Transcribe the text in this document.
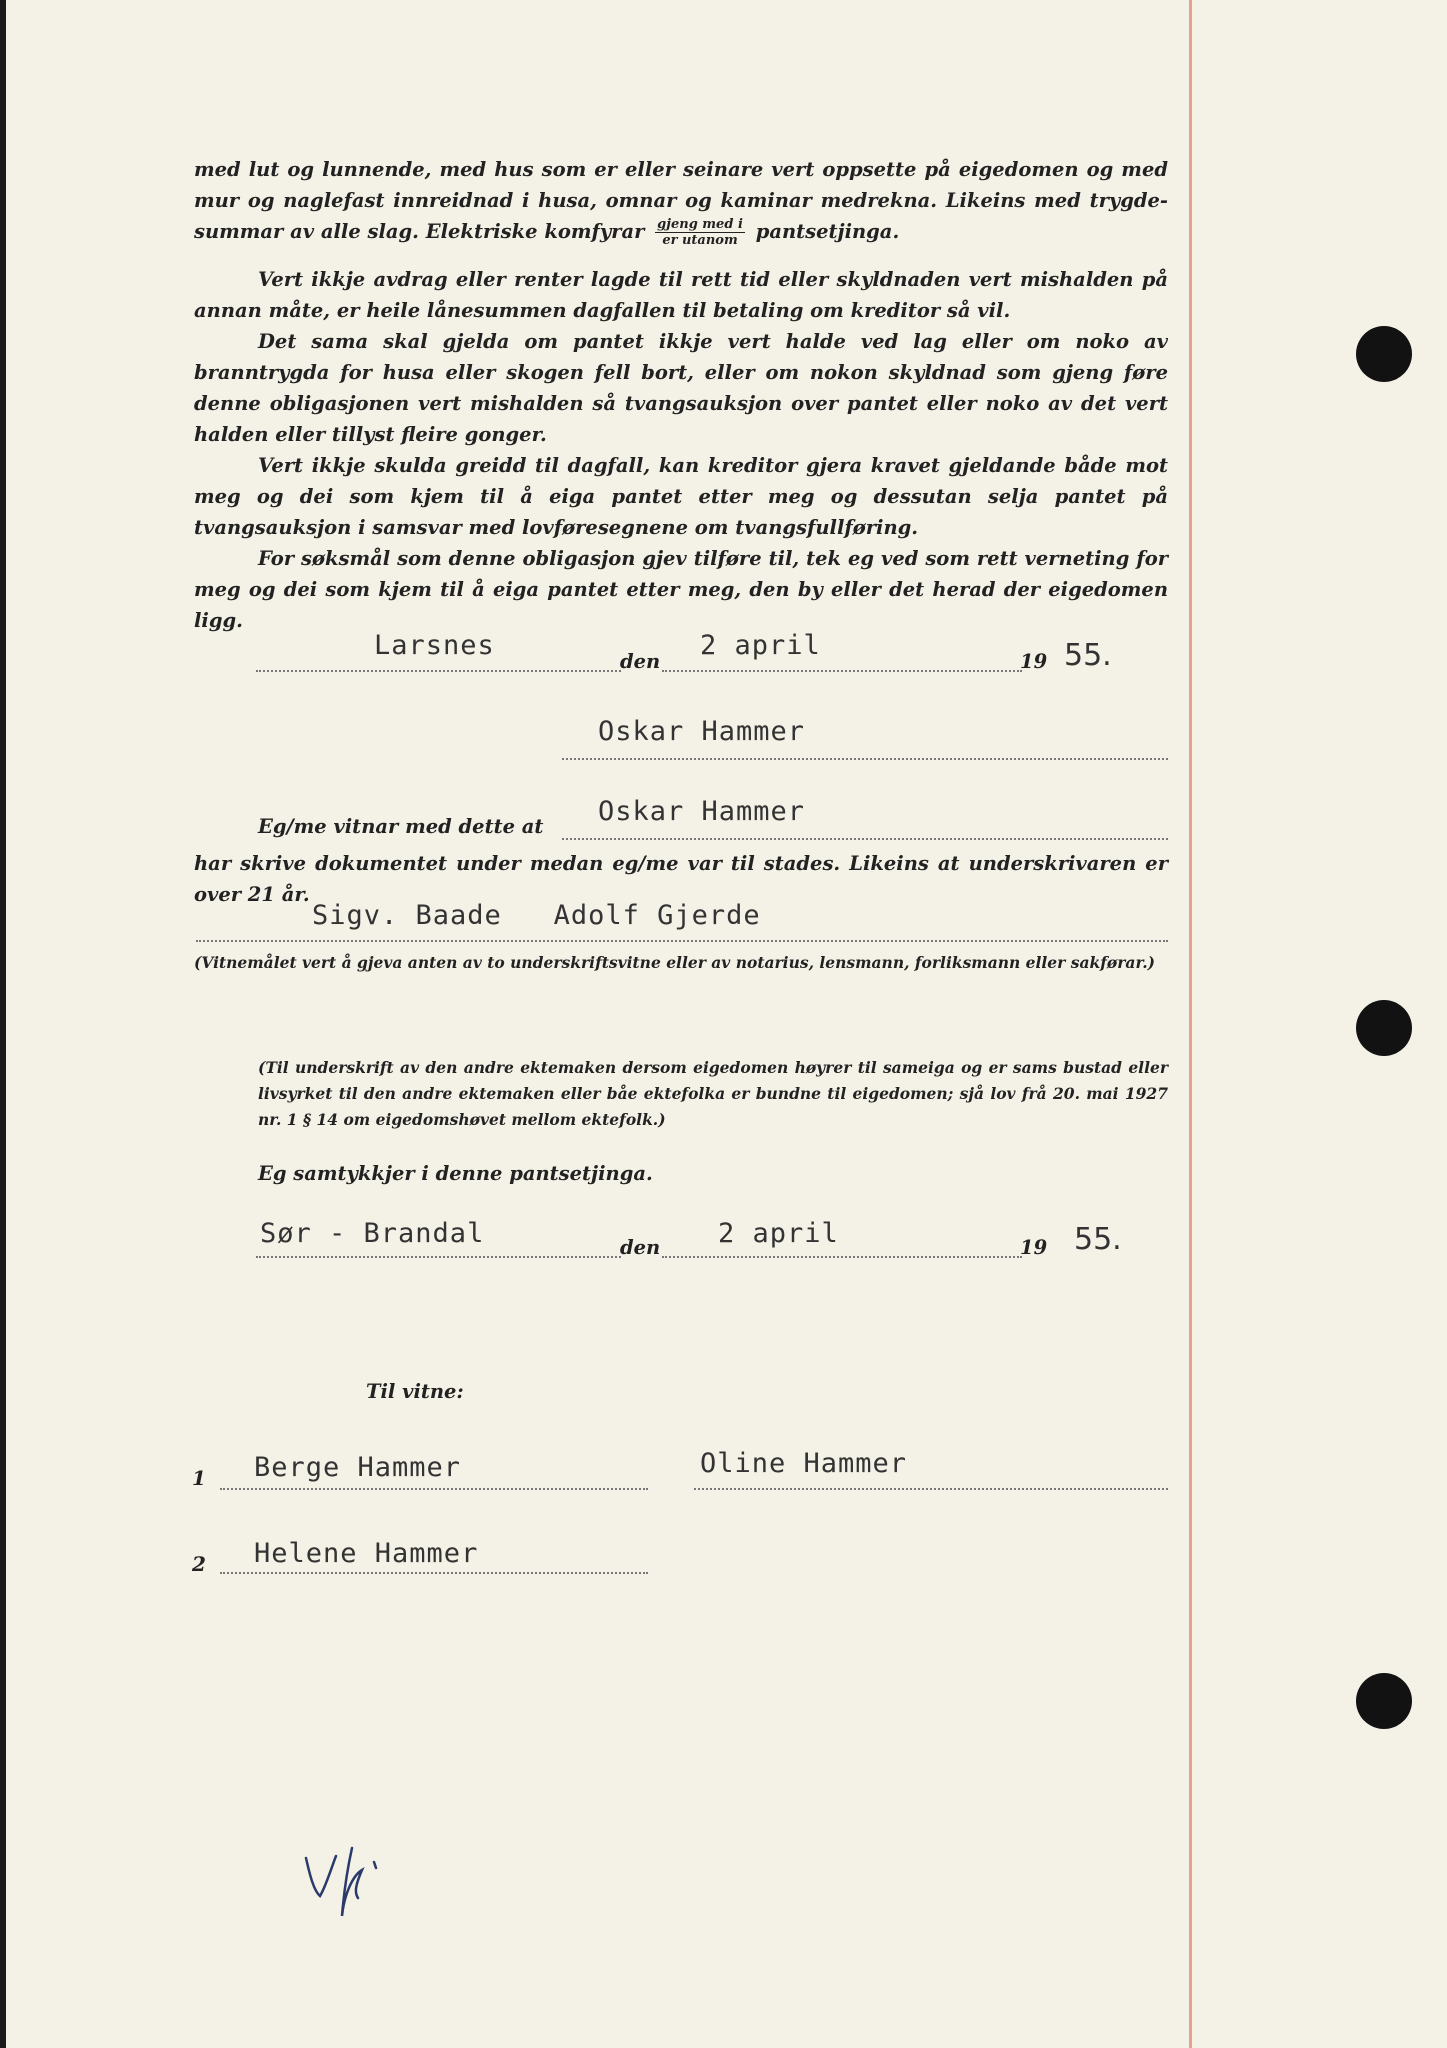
med lut og lunnende, med hus som er eller seinare vert oppsette på eigedomen og med mur og naglefast innreidnad i husa, omnar og kaminar medrekna. Likeins med trygde-summar av alle slag. Elektriske komfyrar $\frac{\text{gjeng med i}}{\text{er utanom}}$ pantsetjinga.

Vert ikkje avdrag eller renter lagde til rett tid eller skyldnaden vert mishalden på annan måte, er heile lånesummen dagfallen til betaling om kreditor så vil.

Det sama skal gjelda om pantet ikkje vert halde ved lag eller om noko av branntrygda for husa eller skogen fell bort, eller om nokon skyldnad som gjeng føre denne obligasjonen vert mishalden så tvangsauksjon over pantet eller noko av det vert halden eller tillyst fleire gonger.

Vert ikkje skulda greidd til dagfall, kan kreditor gjera kravet gjeldande både mot meg og dei som kjem til å eiga pantet etter meg og dessutan selja pantet på tvangsauksjon i samsvar med lovføresegnene om tvangsfullføring.

For søksmål som denne obligasjon gjev tilføre til, tek eg ved som rett verneting for meg og dei som kjem til å eiga pantet etter meg, den by eller det herad der eigedomen ligg.

Larsnes
den
2 april
19 55.
Oskar Hammer
Eg/me vitnar med dette at Oskar Hammer

har skrive dokumentet under medan eg/me var til stades. Likeins at underskrivaren er over 21 år.

Sigv. Baade   Adolf Gjerde

(Vitnemålet vert å gjeva anten av to underskriftsvitne eller av notarius, lensmann, forliksmann eller sakførar.)

(Til underskrift av den andre ektemaken dersom eigedomen høyrer til sameiga og er sams bustad eller livsyrket til den andre ektemaken eller båe ektefolka er bundne til eigedomen; sjå lov frå 20. mai 1927 nr. 1 § 14 om eigedomshøvet mellom ektefolk.)

Eg samtykkjer i denne pantsetjinga.
Sør - Brandal	den 2 april	19 55.
Til vitne:
1 Berge Hammer	Oline Hammer
2 Helene Hammer
